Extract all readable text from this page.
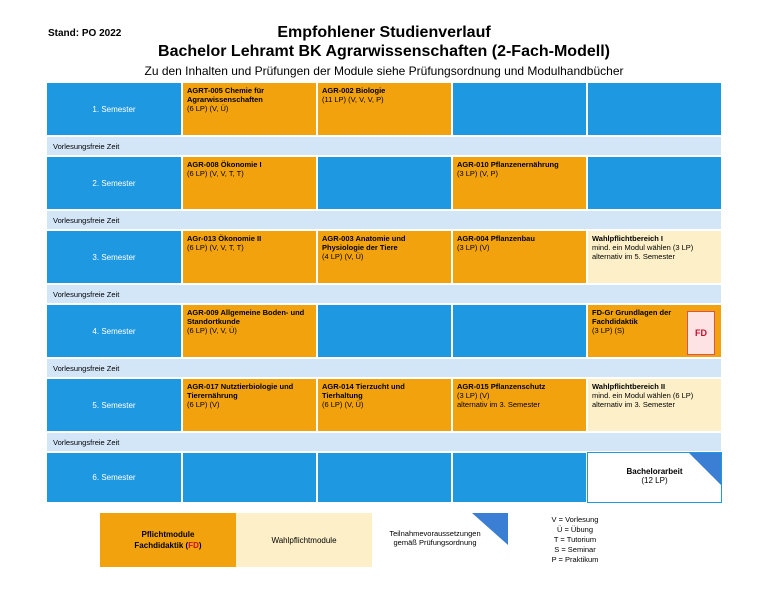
Stand: PO 2022	Empfohlener Studienverlauf
Bachelor Lehramt BK Agrarwissenschaften (2-Fach-Modell)
Zu den Inhalten und Prüfungen der Module siehe Prüfungsordnung und Modulhandbücher
1. Semester
AGRT-005 Chemie für Agrarwissenschaften
(6 LP) (V, Ü)
AGR-002 Biologie
(11 LP) (V, V, V, P)
Vorlesungsfreie Zeit
2. Semester
AGR-008 Ökonomie I
(6 LP) (V, V, T, T)
AGR-010 Pflanzenernährung
(3 LP) (V, P)
Vorlesungsfreie Zeit
3. Semester
AGr-013 Ökonomie II
(6 LP) (V, V, T, T)
AGR-003 Anatomie und Physiologie der Tiere
(4 LP) (V, Ü)
AGR-004 Pflanzenbau
(3 LP) (V)
Wahlpflichtbereich I
mind. ein Modul wählen (3 LP)
alternativ im 5. Semester
Vorlesungsfreie Zeit
4. Semester
AGR-009 Allgemeine Boden- und Standortkunde
(6 LP) (V, V, Ü)
FD-Gr Grundlagen der Fachdidaktik
(3 LP) (S)	FD
Vorlesungsfreie Zeit
5. Semester
AGR-017 Nutztierbiologie und Tierernährung
(6 LP) (V)
AGR-014 Tierzucht und Tierhaltung
(6 LP) (V, Ü)
AGR-015 Pflanzenschutz
(3 LP) (V)
alternativ im 3. Semester
Wahlpflichtbereich II
mind. ein Modul wählen (6 LP)
alternativ im 3. Semester
Vorlesungsfreie Zeit
6. Semester
Bachelorarbeit
(12 LP)
Pflichtmodule
Fachdidaktik (FD)
Wahlpflichtmodule
Teilnahmevoraussetzungen gemäß Prüfungsordnung
V = Vorlesung
Ü = Übung
T = Tutorium
S = Seminar
P = Praktikum
